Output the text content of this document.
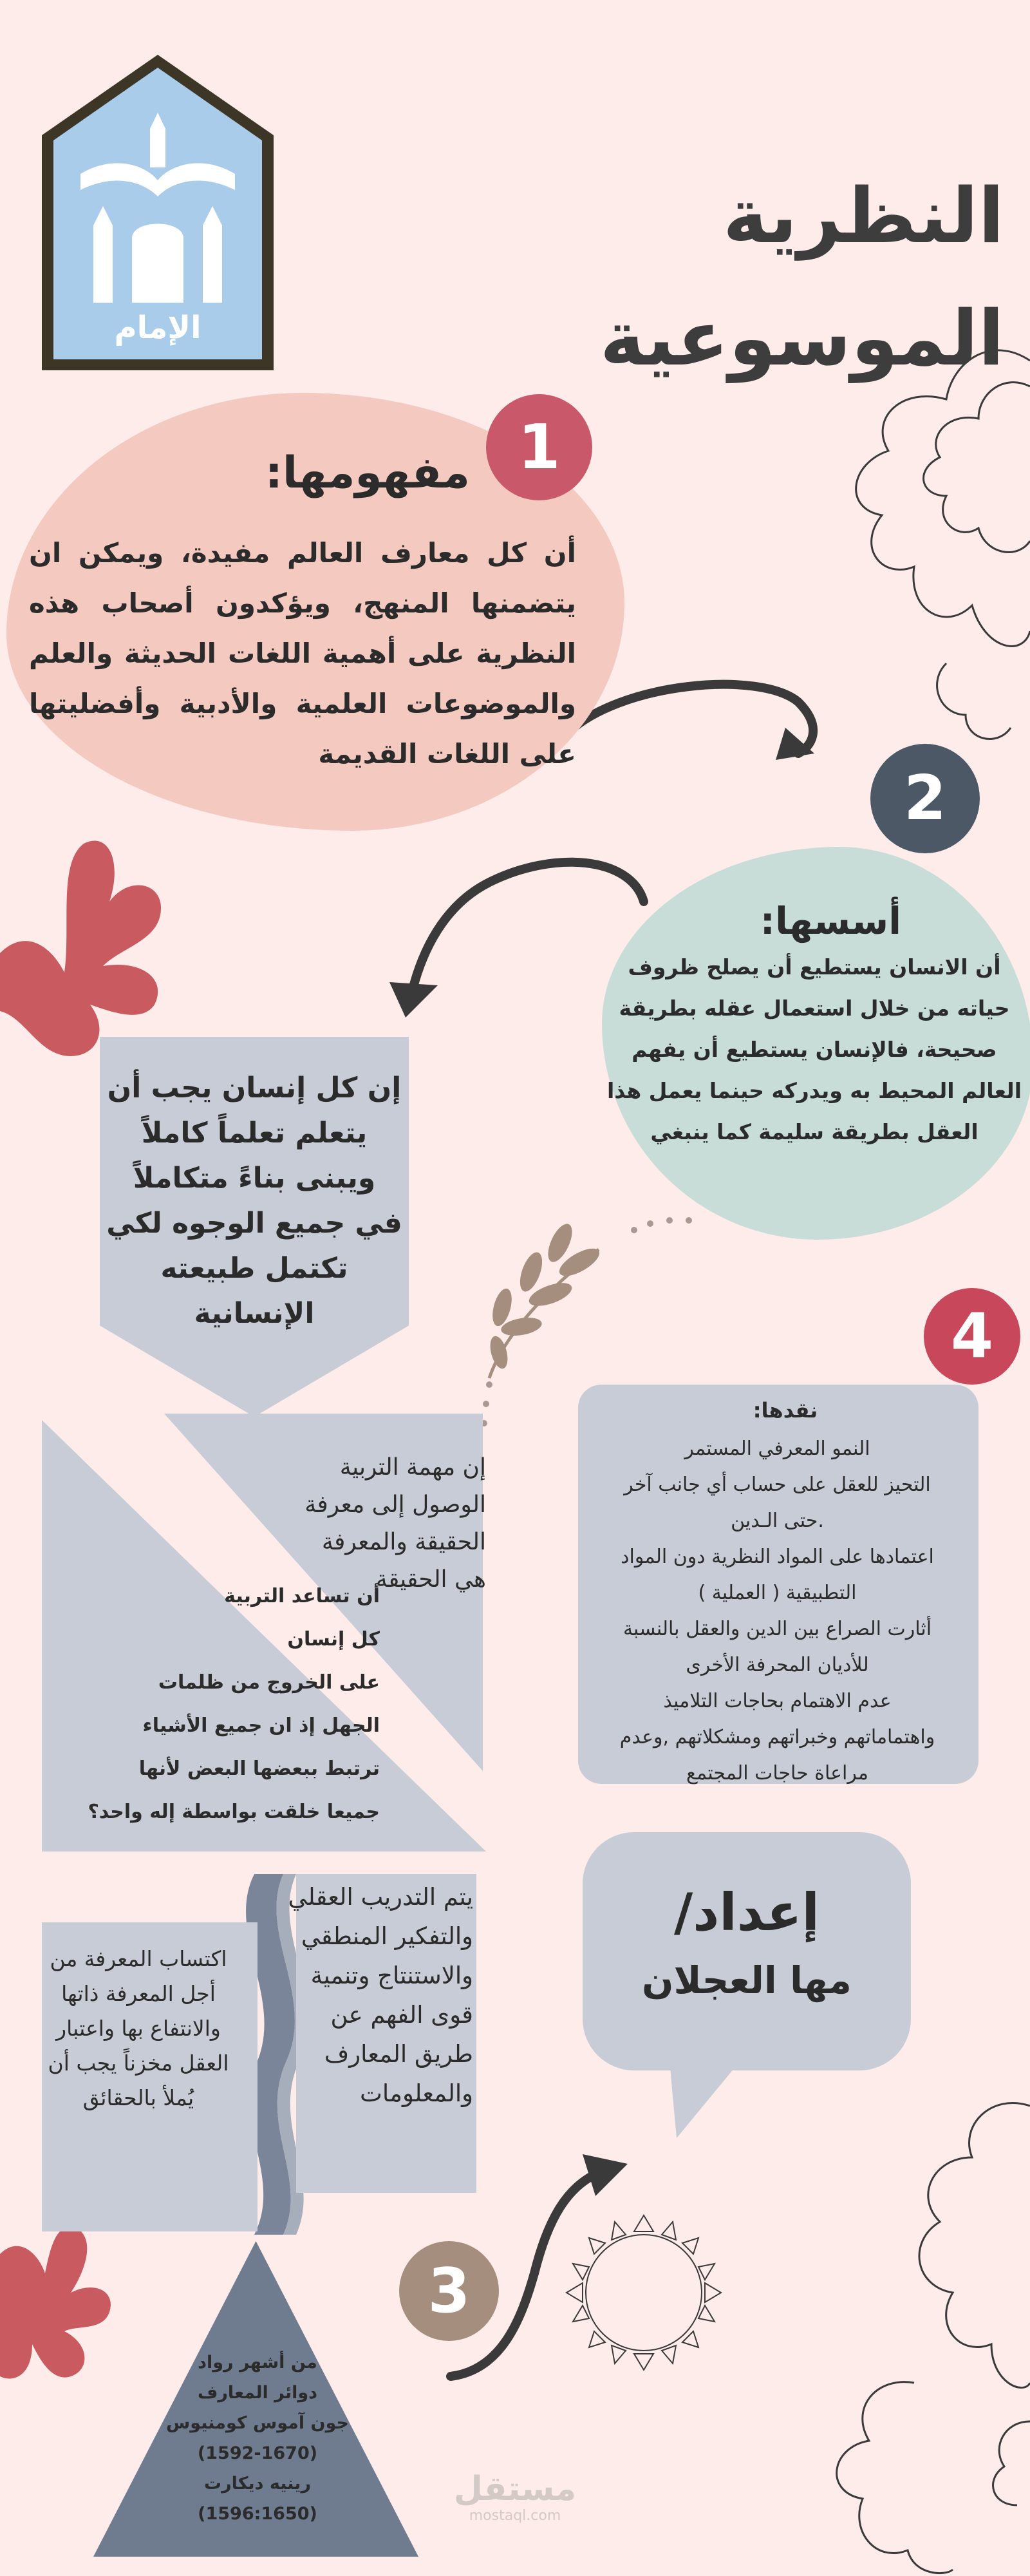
الإمام
النظرية الموسوعية
1
مفهومها:
أن كل معارف العالم مفيدة، ويمكن ان يتضمنها المنهج، ويؤكدون أصحاب هذه النظرية على أهمية اللغات الحديثة والعلم والموضوعات العلمية والأدبية وأفضليتها على اللغات القديمة
2
أسسها:
أن الانسان يستطيع أن يصلح ظروف حياته من خلال استعمال عقله بطريقة صحيحة، فالإنسان يستطيع أن يفهم العالم المحيط به ويدركه حينما يعمل هذا العقل بطريقة سليمة كما ينبغي
إن كل إنسان يجب أن يتعلم تعلماً كاملاً ويبنى بناءً متكاملاً في جميع الوجوه لكي تكتمل طبيعته الإنسانية
إن مهمة التربية الوصول إلى معرفة الحقيقة والمعرفة هي الحقيقة
أن تساعد التربية
كل إنسان
على الخروج من ظلمات
الجهل إذ ان جميع الأشياء
ترتبط ببعضها البعض لأنها
جميعا خلقت بواسطة إله واحد؟
4
نقدها:
النمو المعرفي المستمر
التحيز للعقل على حساب أي جانب آخر
.حتى الـدين
اعتمادها على المواد النظرية دون المواد
التطبيقية ( العملية )
أثارت الصراع بين الدين والعقل بالنسبة
للأديان المحرفة الأخرى
عدم الاهتمام بحاجات التلاميذ
واهتماماتهم وخبراتهم ومشكلاتهم ,وعدم
مراعاة حاجات المجتمع
إعداد/
مها العجلان
يتم التدريب العقلي والتفكير المنطقي والاستنتاج وتنمية قوى الفهم عن طريق المعارف والمعلومات
اكتساب المعرفة من أجل المعرفة ذاتها والانتفاع بها واعتبار العقل مخزناً يجب أن يُملأ بالحقائق
من أشهر رواد
دوائر المعارف
جون آموس كومنيوس
(1592-1670)
رينيه ديكارت
(1596:1650)
3
مستقل
mostaql.com
